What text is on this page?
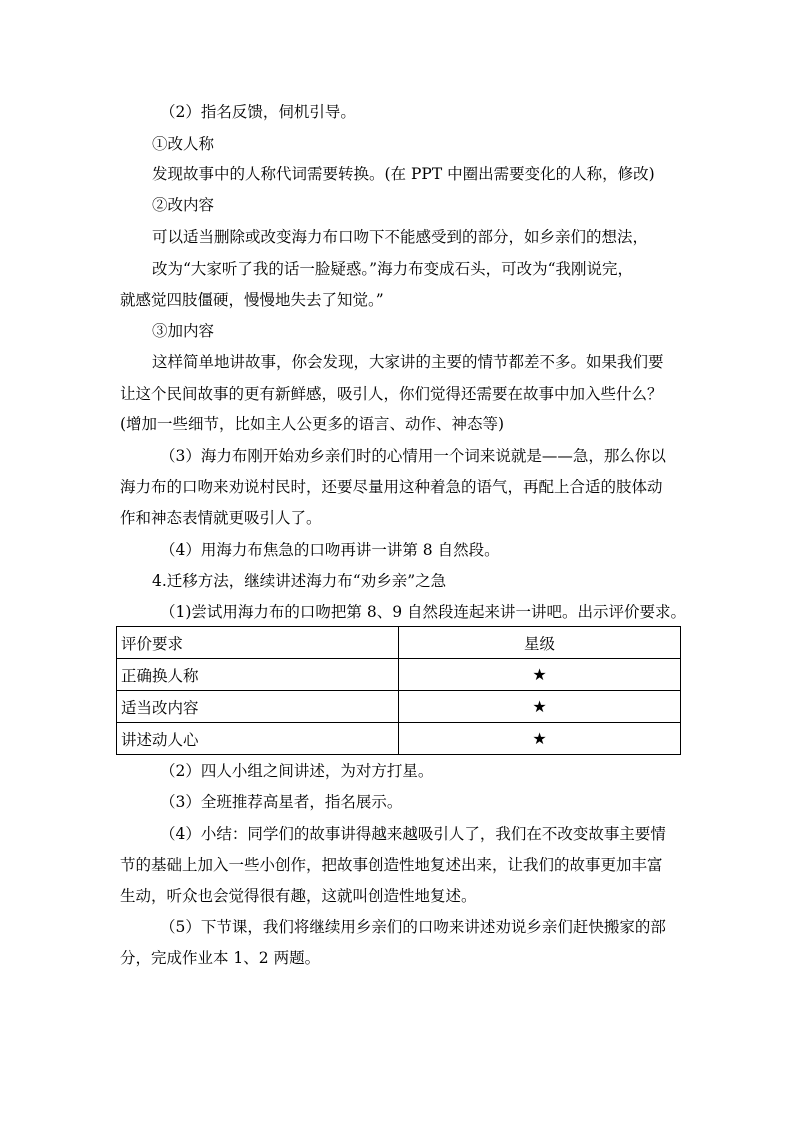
（2）指名反馈，伺机引导。
①改人称
发现故事中的人称代词需要转换。(在 PPT 中圈出需要变化的人称，修改)
②改内容
可以适当删除或改变海力布口吻下不能感受到的部分，如乡亲们的想法，
改为“大家听了我的话一脸疑惑。”海力布变成石头，可改为“我刚说完，
就感觉四肢僵硬，慢慢地失去了知觉。”
③加内容
这样简单地讲故事，你会发现，大家讲的主要的情节都差不多。如果我们要
让这个民间故事的更有新鲜感，吸引人，你们觉得还需要在故事中加入些什么？
(增加一些细节，比如主人公更多的语言、动作、神态等)
（3）海力布刚开始劝乡亲们时的心情用一个词来说就是——急，那么你以
海力布的口吻来劝说村民时，还要尽量用这种着急的语气，再配上合适的肢体动
作和神态表情就更吸引人了。
（4）用海力布焦急的口吻再讲一讲第 8 自然段。
4.迁移方法，继续讲述海力布“劝乡亲”之急
（1)尝试用海力布的口吻把第 8、9 自然段连起来讲一讲吧。出示评价要求。
评价要求	星级
正确换人称	★
适当改内容	★
讲述动人心	★
（2）四人小组之间讲述，为对方打星。
（3）全班推荐高星者，指名展示。
（4）小结：同学们的故事讲得越来越吸引人了，我们在不改变故事主要情
节的基础上加入一些小创作，把故事创造性地复述出来，让我们的故事更加丰富
生动，听众也会觉得很有趣，这就叫创造性地复述。
（5）下节课，我们将继续用乡亲们的口吻来讲述劝说乡亲们赶快搬家的部
分，完成作业本 1、2 两题。
